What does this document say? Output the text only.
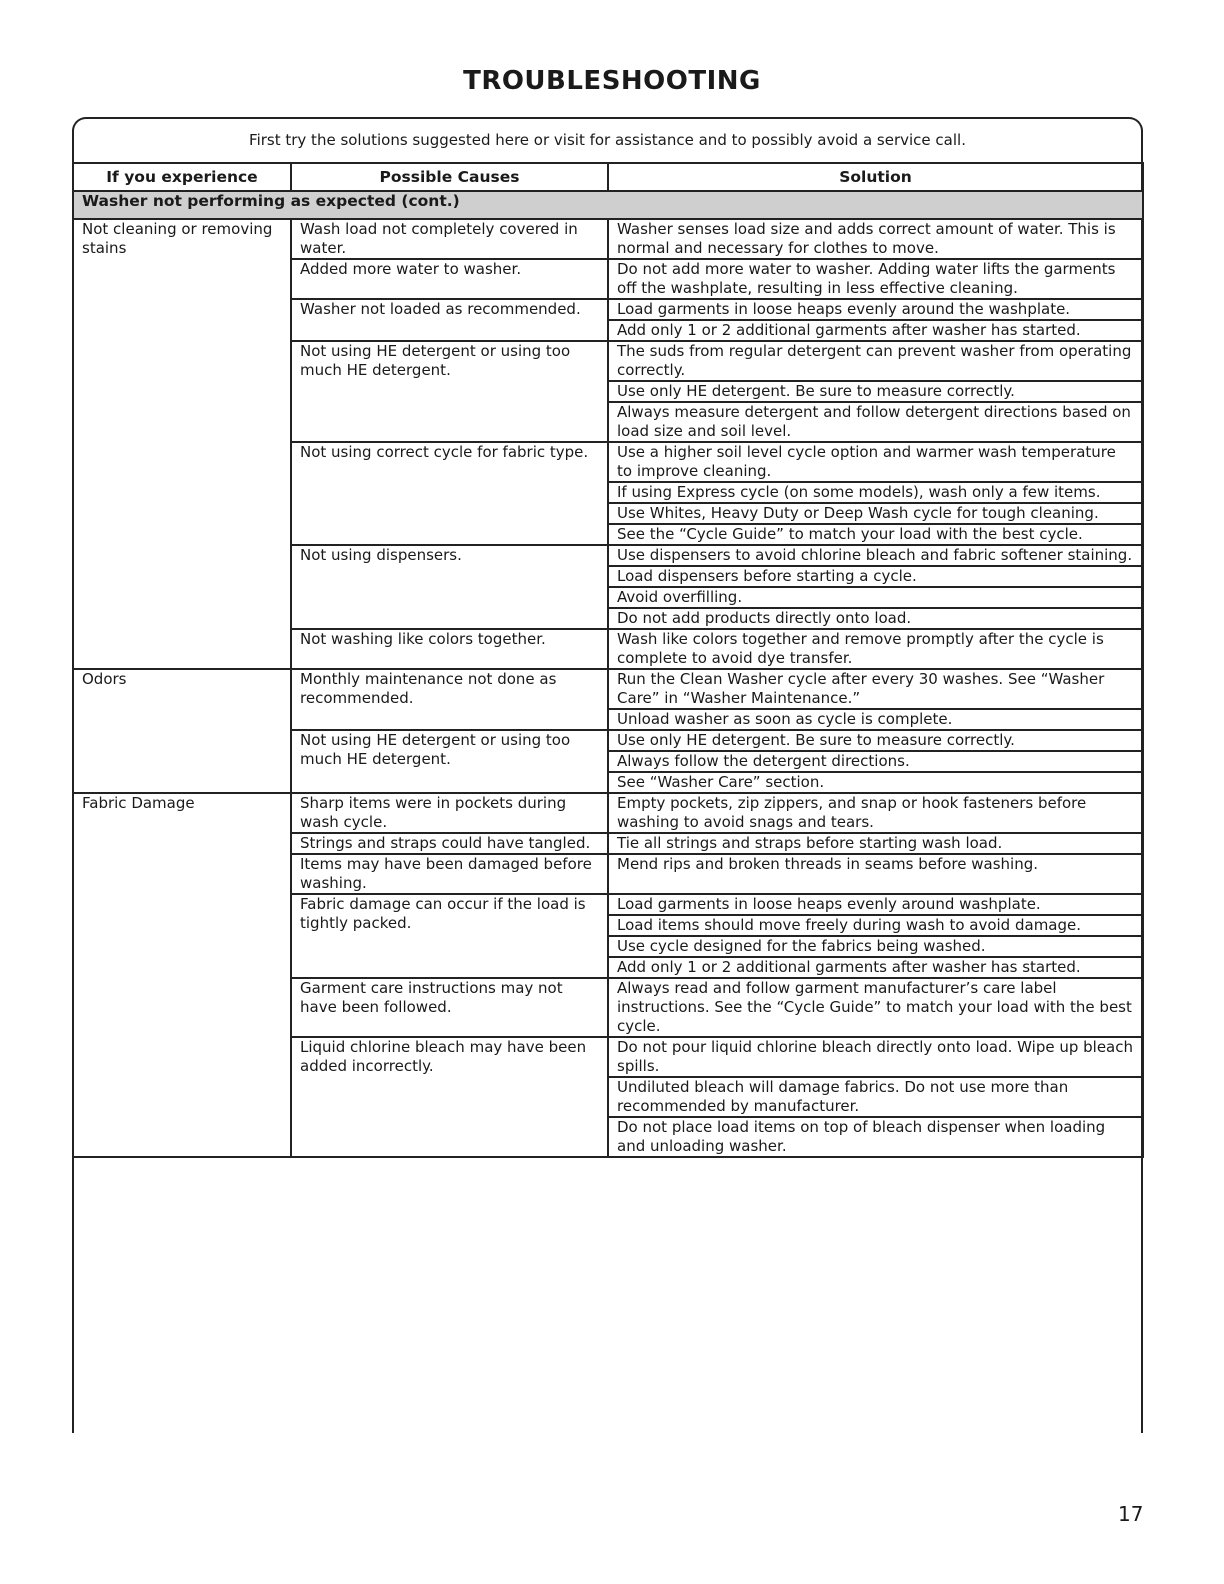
TROUBLESHOOTING
First try the solutions suggested here or visit for assistance and to possibly avoid a service call.
If you experience	Possible Causes	Solution
Washer not performing as expected (cont.)		
Not cleaning or removing stains	Wash load not completely covered in water.	Washer senses load size and adds correct amount of water. This is normal and necessary for clothes to move.
	Added more water to washer.	Do not add more water to washer. Adding water lifts the garments off the washplate, resulting in less effective cleaning.
	Washer not loaded as recommended.	Load garments in loose heaps evenly around the washplate.
		Add only 1 or 2 additional garments after washer has started.
	Not using HE detergent or using too much HE detergent.	The suds from regular detergent can prevent washer from operating correctly.
		Use only HE detergent. Be sure to measure correctly.
		Always measure detergent and follow detergent directions based on load size and soil level.
	Not using correct cycle for fabric type.	Use a higher soil level cycle option and warmer wash temperature to improve cleaning.
		If using Express cycle (on some models), wash only a few items.
		Use Whites, Heavy Duty or Deep Wash cycle for tough cleaning.
		See the “Cycle Guide” to match your load with the best cycle.
	Not using dispensers.	Use dispensers to avoid chlorine bleach and fabric softener staining.
		Load dispensers before starting a cycle.
		Avoid overfilling.
		Do not add products directly onto load.
	Not washing like colors together.	Wash like colors together and remove promptly after the cycle is complete to avoid dye transfer.
Odors	Monthly maintenance not done as recommended.	Run the Clean Washer cycle after every 30 washes. See “Washer Care” in “Washer Maintenance.”
		Unload washer as soon as cycle is complete.
	Not using HE detergent or using too much HE detergent.	Use only HE detergent. Be sure to measure correctly.
		Always follow the detergent directions.
		See “Washer Care” section.
Fabric Damage	Sharp items were in pockets during wash cycle.	Empty pockets, zip zippers, and snap or hook fasteners before washing to avoid snags and tears.
	Strings and straps could have tangled.	Tie all strings and straps before starting wash load.
	Items may have been damaged before washing.	Mend rips and broken threads in seams before washing.
	Fabric damage can occur if the load is tightly packed.	Load garments in loose heaps evenly around washplate.
		Load items should move freely during wash to avoid damage.
		Use cycle designed for the fabrics being washed.
		Add only 1 or 2 additional garments after washer has started.
	Garment care instructions may not have been followed.	Always read and follow garment manufacturer’s care label instructions. See the “Cycle Guide” to match your load with the best cycle.
	Liquid chlorine bleach may have been added incorrectly.	Do not pour liquid chlorine bleach directly onto load. Wipe up bleach spills.
		Undiluted bleach will damage fabrics. Do not use more than recommended by manufacturer.
		Do not place load items on top of bleach dispenser when loading and unloading washer.
17
